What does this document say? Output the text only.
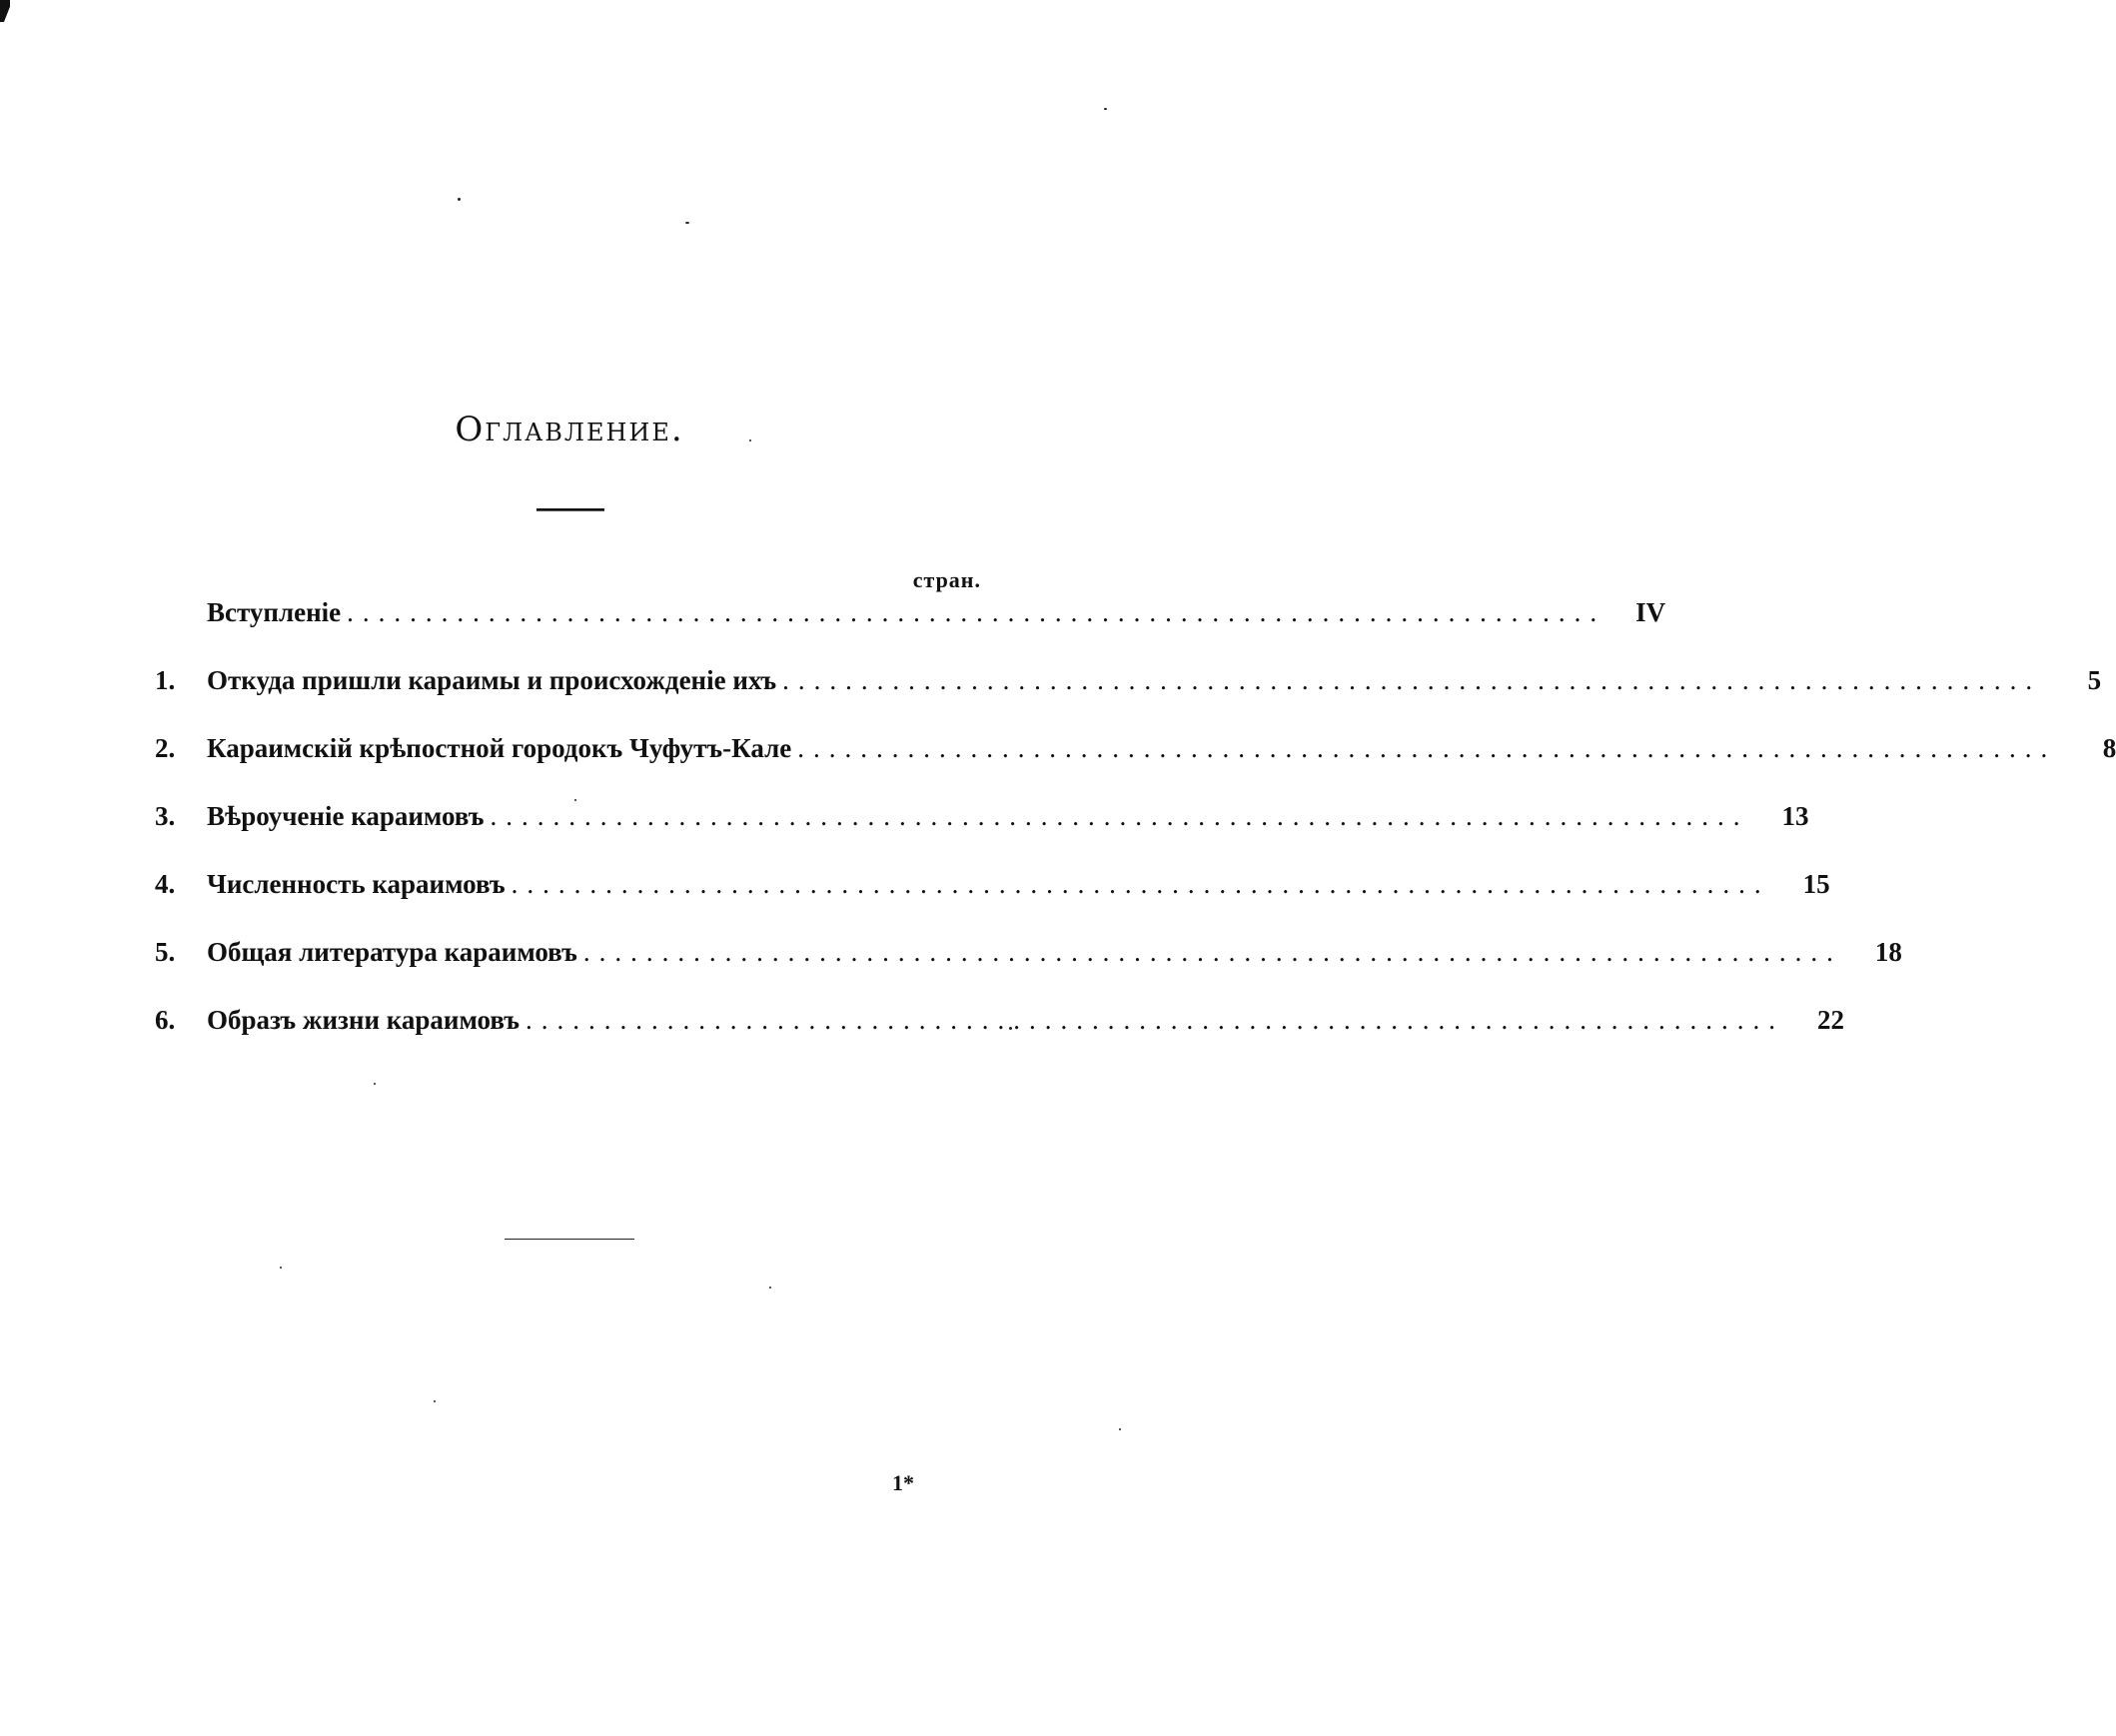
Оглавление.
стран.
Вступленіе ................................................................................	IV
1.	Откуда пришли караимы и происхожденіе ихъ ................................................................................	5
2.	Караимскій крѣпостной городокъ Чуфутъ-Кале ................................................................................	8
3.	Вѣроученіе караимовъ ................................................................................	13
4.	Численность караимовъ ................................................................................	15
5.	Общая литература караимовъ ................................................................................	18
6.	Образъ жизни караимовъ ................................................................................	22
1*
